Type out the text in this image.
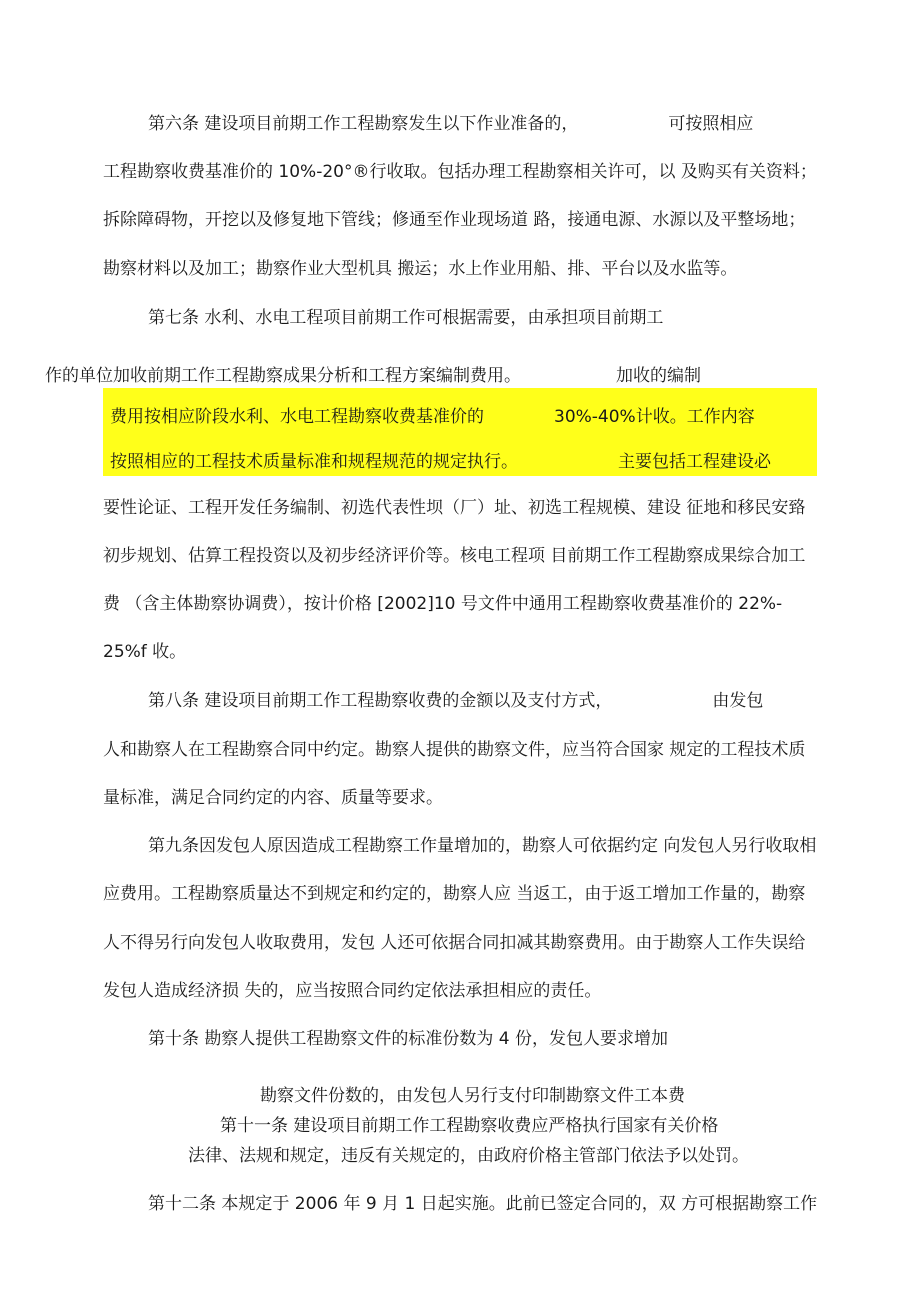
第六条 建设项目前期工作工程勘察发生以下作业准备的，	可按照相应
工程勘察收费基准价的 10%-20°®行收取。包括办理工程勘察相关许可，以 及购买有关资料；
拆除障碍物，开挖以及修复地下管线；修通至作业现场道 路，接通电源、水源以及平整场地；
勘察材料以及加工；勘察作业大型机具 搬运；水上作业用船、排、平台以及水监等。
第七条 水利、水电工程项目前期工作可根据需要，由承担项目前期工
作的单位加收前期工作工程勘察成果分析和工程方案编制费用。	加收的编制
费用按相应阶段水利、水电工程勘察收费基准价的	30%-40%计收。工作内容
按照相应的工程技术质量标准和规程规范的规定执行。	主要包括工程建设必
要性论证、工程开发任务编制、初选代表性坝（厂）址、初选工程规模、建设 征地和移民安臵
初步规划、估算工程投资以及初步经济评价等。核电工程项 目前期工作工程勘察成果综合加工
费 （含主体勘察协调费），按计价格 [2002]10 号文件中通用工程勘察收费基准价的 22%-
25%f 收。
第八条 建设项目前期工作工程勘察收费的金额以及支付方式，	由发包
人和勘察人在工程勘察合同中约定。勘察人提供的勘察文件，应当符合国家 规定的工程技术质
量标准，满足合同约定的内容、质量等要求。
第九条因发包人原因造成工程勘察工作量增加的，勘察人可依据约定 向发包人另行收取相
应费用。工程勘察质量达不到规定和约定的，勘察人应 当返工，由于返工增加工作量的，勘察
人不得另行向发包人收取费用，发包 人还可依据合同扣减其勘察费用。由于勘察人工作失误给
发包人造成经济损 失的，应当按照合同约定依法承担相应的责任。
第十条 勘察人提供工程勘察文件的标准份数为 4 份，发包人要求增加
勘察文件份数的，由发包人另行支付印制勘察文件工本费
第十一条 建设项目前期工作工程勘察收费应严格执行国家有关价格
法律、法规和规定，违反有关规定的，由政府价格主管部门依法予以处罚。
第十二条 本规定于 2006 年 9 月 1 日起实施。此前已签定合同的，双 方可根据勘察工作
